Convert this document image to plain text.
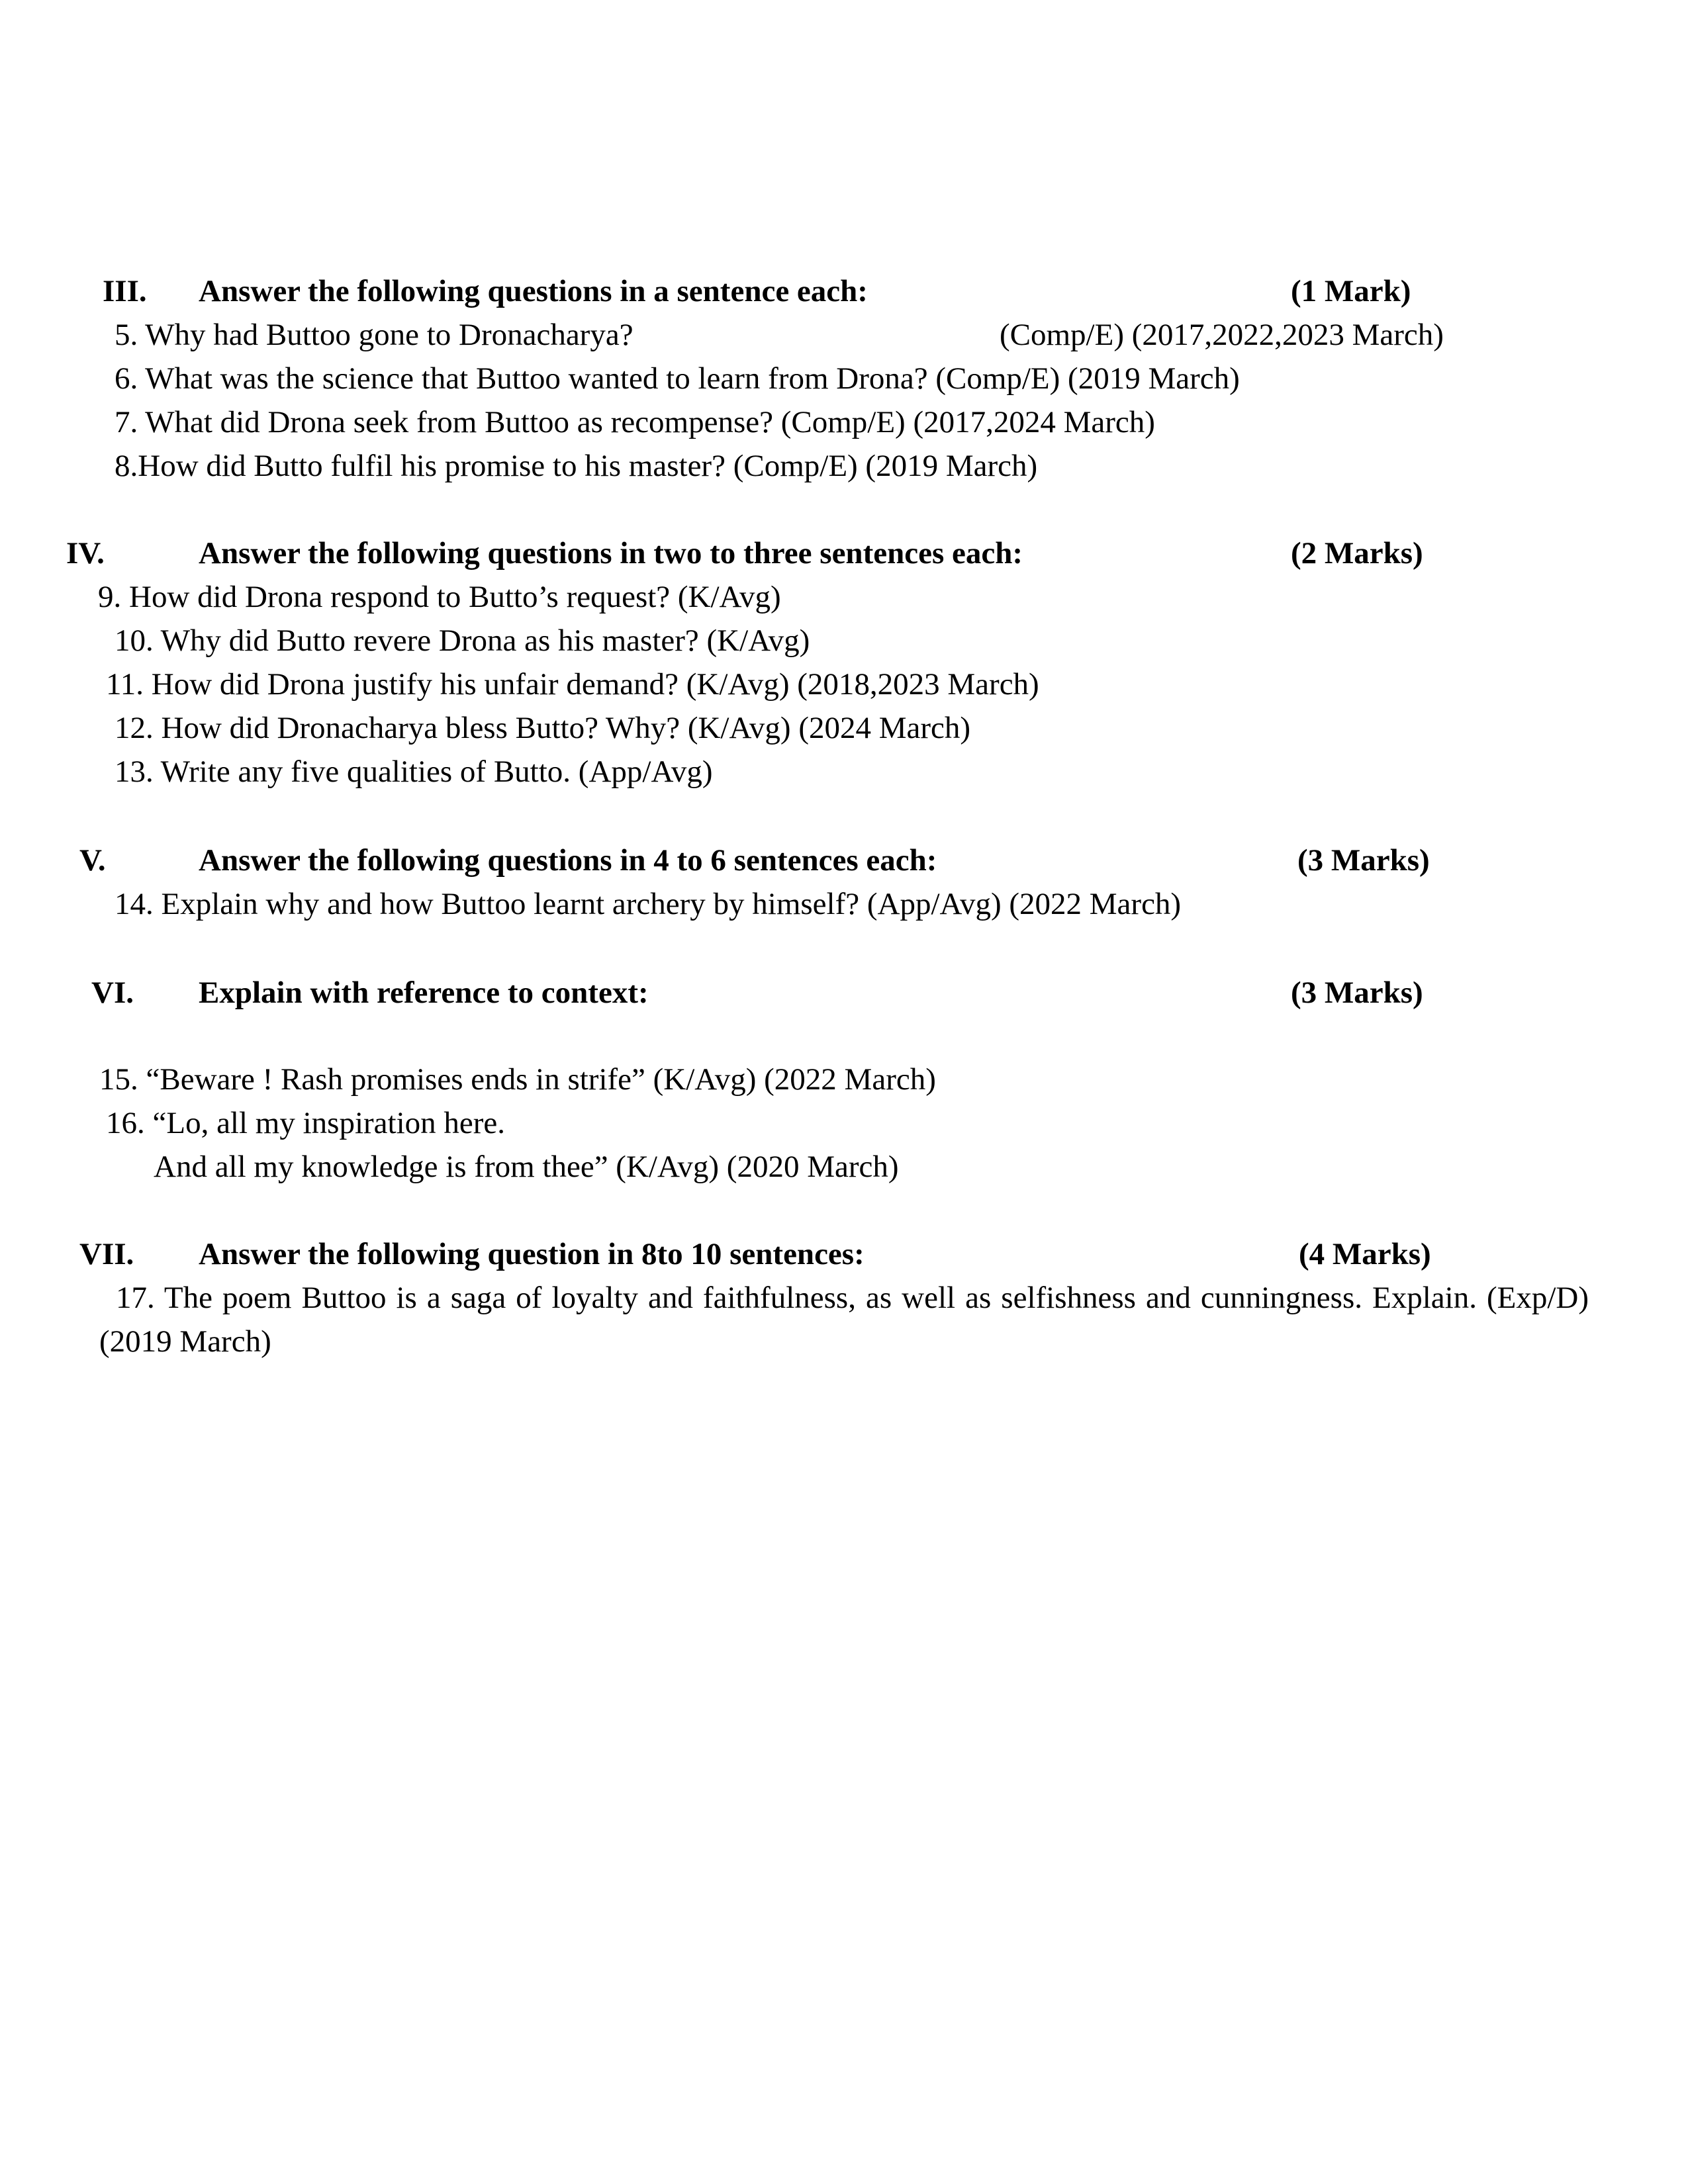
III. Answer the following questions in a sentence each:	(1 Mark)
5. Why had Buttoo gone to Dronacharya?	(Comp/E) (2017,2022,2023 March)
6. What was the science that Buttoo wanted to learn from Drona? (Comp/E) (2019 March)
7. What did Drona seek from Buttoo as recompense? (Comp/E) (2017,2024 March)
8.How did Butto fulfil his promise to his master? (Comp/E) (2019 March)
IV.	Answer the following questions in two to three sentences each:	(2 Marks)
9. How did Drona respond to Butto’s request? (K/Avg)
10. Why did Butto revere Drona as his master? (K/Avg)
11. How did Drona justify his unfair demand? (K/Avg) (2018,2023 March)
12. How did Dronacharya bless Butto? Why? (K/Avg) (2024 March)
13. Write any five qualities of Butto. (App/Avg)
V.	Answer the following questions in 4 to 6 sentences each:	(3 Marks)
14. Explain why and how Buttoo learnt archery by himself? (App/Avg) (2022 March)
VI. Explain with reference to context:	(3 Marks)
15. “Beware ! Rash promises ends in strife” (K/Avg) (2022 March)
16. “Lo, all my inspiration here.
And all my knowledge is from thee” (K/Avg) (2020 March)
VII. Answer the following question in 8to 10 sentences:	(4 Marks)
17. The poem Buttoo is a saga of loyalty and faithfulness, as well as selfishness and cunningness. Explain. (Exp/D) (2019 March)
